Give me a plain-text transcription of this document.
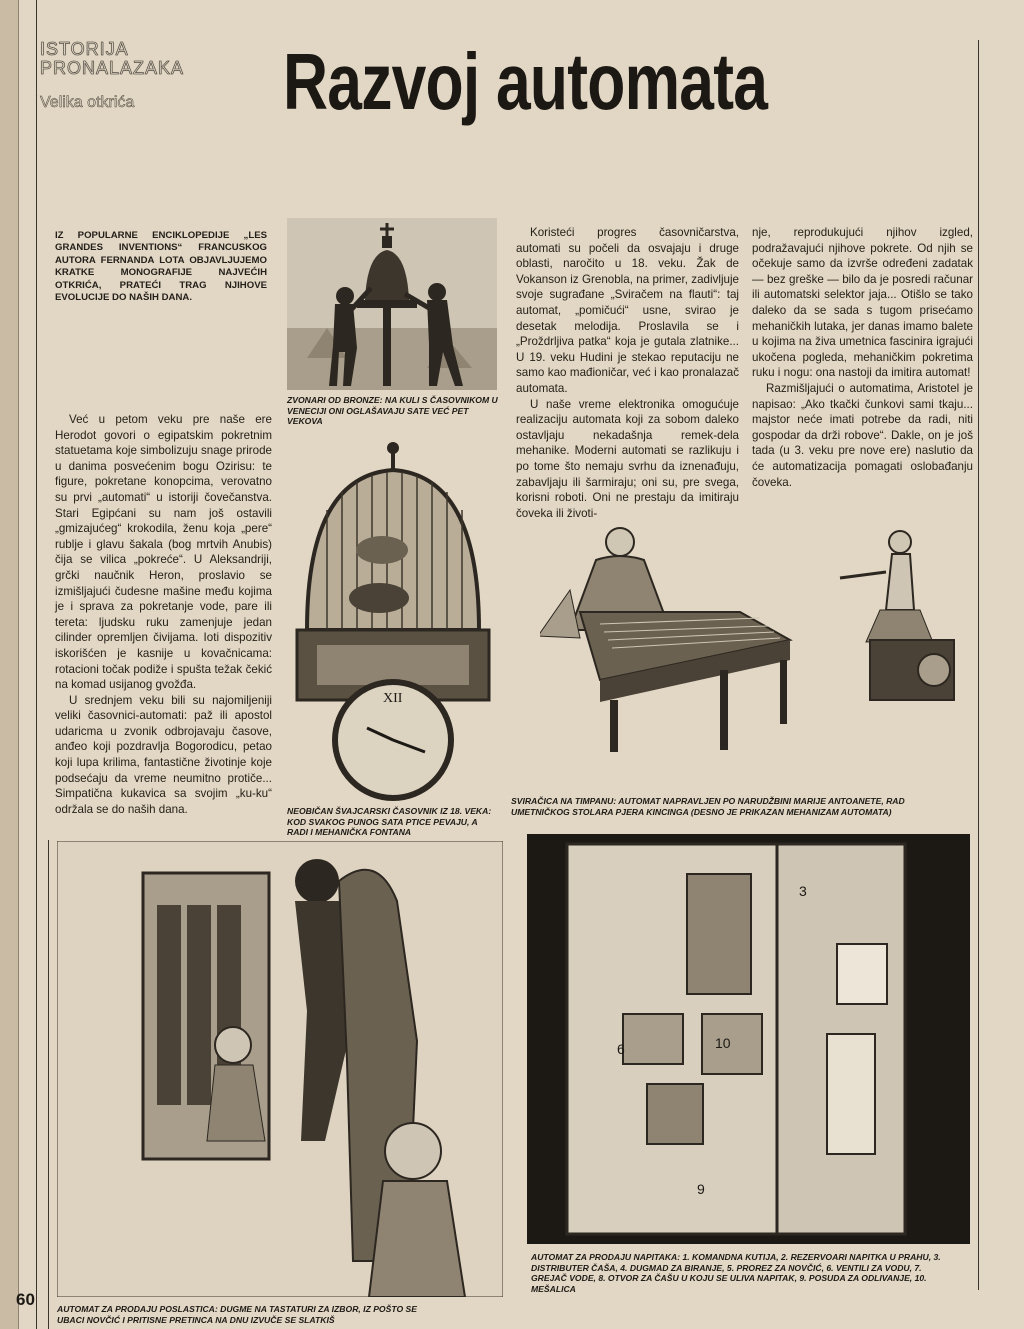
ISTORIJA
PRONALAZAKA
Velika otkrića	Razvoj automata
IZ POPULARNE ENCIKLOPEDIJE „LES GRANDES INVENTIONS“ FRANCUSKOG AUTORA FERNANDA LOTA OBJAVLJUJEMO KRATKE MONOGRAFIJE NAJVEĆIH OTKRIĆA, PRATEĆI TRAG NJIHOVE EVOLUCIJE DO NAŠIH DANA.

Već u petom veku pre naše ere Herodot govori o egipatskim pokretnim statuetama koje simbolizuju snage prirode u danima posvećenim bogu Ozirisu: te figure, pokretane konopcima, verovatno su prvi „automati“ u istoriji čovečanstva. Stari Egipćani su nam još ostavili „gmizajućeg“ krokodila, ženu koja „pere“ rublje i glavu šakala (bog mrtvih Anubis) čija se vilica „pokreće“. U Aleksandriji, grčki naučnik Heron, proslavio se izmišljajući čudesne mašine među kojima je i sprava za pokretanje vode, pare ili tereta: ljudsku ruku zamenjuje jedan cilinder opremljen čivijama. Ioti dispozitiv iskorišćen je kasnije u kovačnicama: rotacioni točak podiže i spušta težak čekić na komad usijanog gvožđa.

U srednjem veku bili su najomiljeniji veliki časovnici-automati: paž ili apostol udaricma u zvonik odbrojavaju časove, anđeo koji pozdravlja Bogorodicu, petao koji lupa krilima, fantastične životinje koje podsećaju da vreme neumitno protiče... Simpatična kukavica sa svojim „ku-ku“ održala se do naših dana.

Koristeći progres časovničarstva, automati su počeli da osvajaju i druge oblasti, naročito u 18. veku. Žak de Vokanson iz Grenobla, na primer, zadivljuje svoje sugrađane „Sviračem na flauti“: taj automat, „pomičući“ usne, svirao je desetak melodija. Proslavila se i „Proždrljiva patka“ koja je gutala zlatnike... U 19. veku Hudini je stekao reputaciju ne samo kao mađioničar, već i kao pronalazač automata.

U naše vreme elektronika omogućuje realizaciju automata koji za sobom daleko ostavljaju nekadašnja remek-dela mehanike. Moderni automati se razlikuju i po tome što nemaju svrhu da iznenađuju, zabavljaju ili šarmiraju; oni su, pre svega, korisni roboti. Oni ne prestaju da imitiraju čoveka ili životi-

nje, reprodukujući njihov izgled, podražavajući njihove pokrete. Od njih se očekuje samo da izvrše određeni zadatak — bez greške — bilo da je posredi računar ili automatski selektor jaja... Otišlo se tako daleko da se sada s tugom prisećamo mehaničkih lutaka, jer danas imamo balete u kojima na živa umetnica fascinira igrajući ukočena pogleda, mehaničkim pokretima ruku i nogu: ona nastoji da imitira automat!

Razmišljajući o automatima, Aristotel je napisao: „Ako tkački čunkovi sami tkaju... majstor neće imati potrebe da radi, niti gospodar da drži robove“. Dakle, on je još tada (u 3. veku pre nove ere) naslutio da će automatizacija pomagati oslobađanju čoveka.

ZVONARI OD BRONZE: NA KULI S ČASOVNIKOM U VENECIJI ONI OGLAŠAVAJU SATE VEĆ PET VEKOVA
XII
NEOBIČAN ŠVAJCARSKI ČASOVNIK IZ 18. VEKA: KOD SVAKOG PUNOG SATA PTICE PEVAJU, A RADI I MEHANIČKA FONTANA
SVIRAČICA NA TIMPANU: AUTOMAT NAPRAVLJEN PO NARUDŽBINI MARIJE ANTOANETE, RAD UMETNIČKOG STOLARA PJERA KINCINGA (DESNO JE PRIKAZAN MEHANIZAM AUTOMATA)
AUTOMAT ZA PRODAJU POSLASTICA: DUGME NA TASTATURI ZA IZBOR, IZ POŠTO SE UBACI NOVČIĆ I PRITISNE PRETINCA NA DNU IZVUČE SE SLATKIŠ
3
10
6
9
AUTOMAT ZA PRODAJU NAPITAKA: 1. KOMANDNA KUTIJA, 2. REZERVOARI NAPITKA U PRAHU, 3. DISTRIBUTER ČAŠA, 4. DUGMAD ZA BIRANJE, 5. PROREZ ZA NOVČIĆ, 6. VENTILI ZA VODU, 7. GREJAČ VODE, 8. OTVOR ZA ČAŠU U KOJU SE ULIVA NAPITAK, 9. POSUDA ZA ODLIVANJE, 10. MEŠALICA
60
